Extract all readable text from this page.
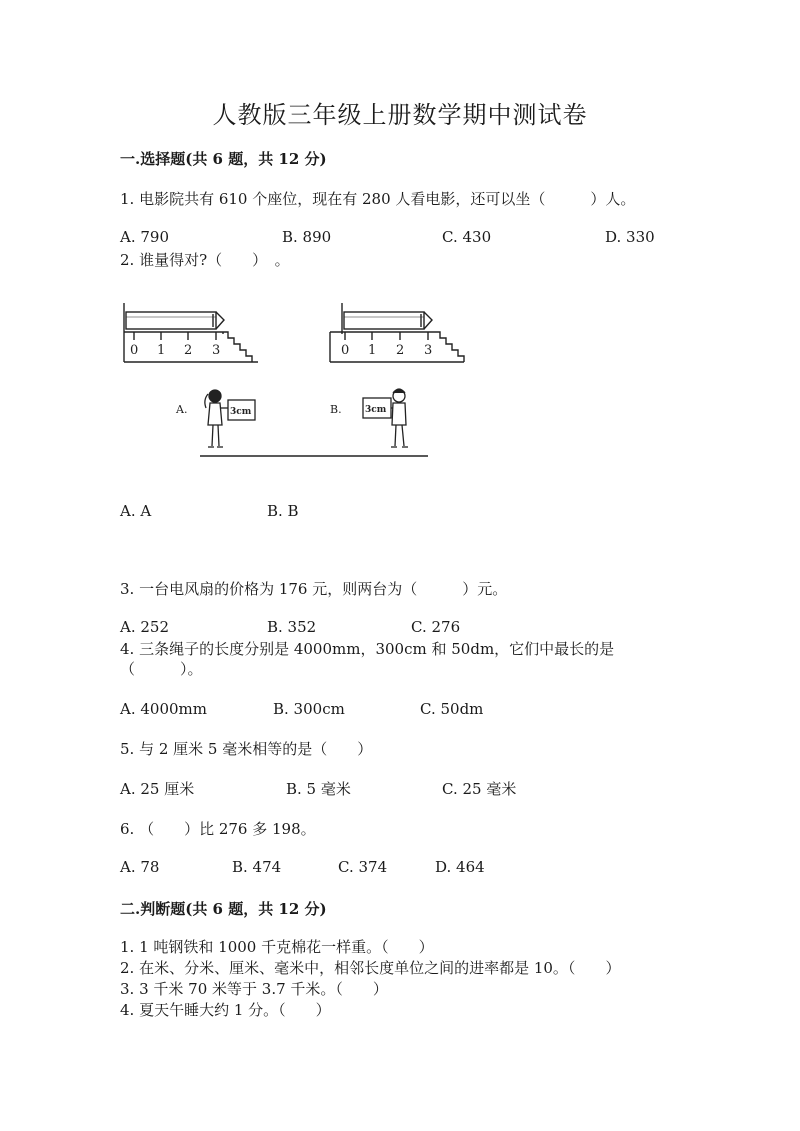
人教版三年级上册数学期中测试卷
一.选择题(共 6 题，共 12 分)
1. 电影院共有 610 个座位，现在有 280 人看电影，还可以坐（　　　）人。
A. 790	B. 890	C. 430	D. 330
2. 谁量得对?（　　）　。
0 1 2 3	0 1 2 3
A.	B.
3cm	3cm
A. A	B. B
3. 一台电风扇的价格为 176 元，则两台为（　　　）元。
A. 252	B. 352	C. 276
4. 三条绳子的长度分别是 4000mm，300cm 和 50dm，它们中最长的是
（　　　）。
A. 4000mm	B. 300cm	C. 50dm
5. 与 2 厘米 5 毫米相等的是（　　）
A. 25 厘米	B. 5 毫米	C. 25 毫米
6. （　　）比 276 多 198。
A. 78	B. 474	C. 374	D. 464
二.判断题(共 6 题，共 12 分)
1. 1 吨钢铁和 1000 千克棉花一样重。（　　）
2. 在米、分米、厘米、毫米中，相邻长度单位之间的进率都是 10。（　　）
3. 3 千米 70 米等于 3.7 千米。（　　）
4. 夏天午睡大约 1 分。（　　）
